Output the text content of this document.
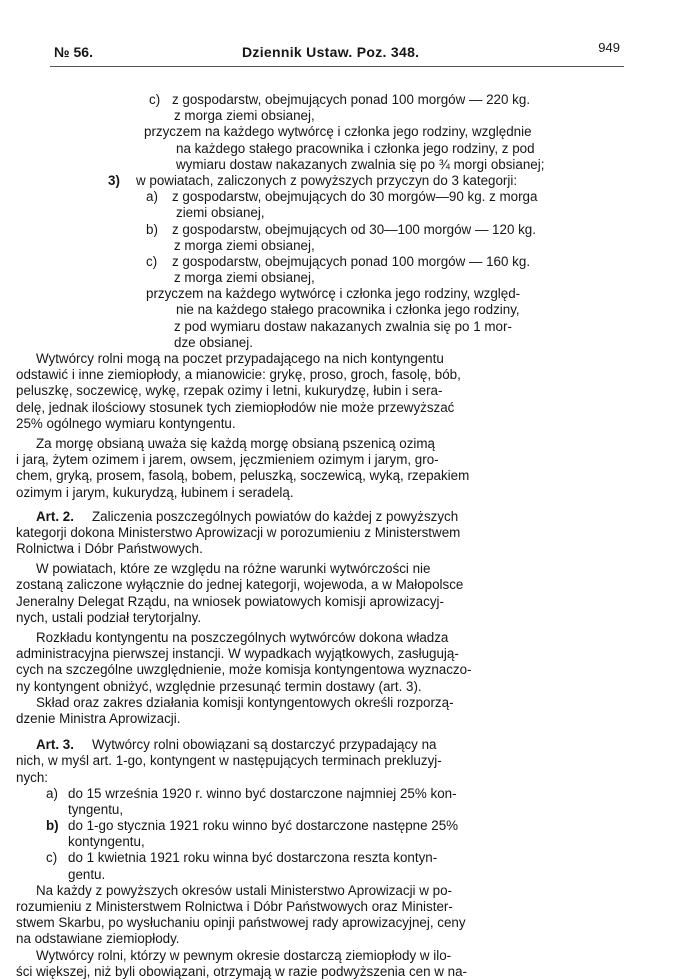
№ 56.	Dziennik Ustaw. Poz. 348.	949
c) z gospodarstw, obejmujących ponad 100 morgów — 220 kg.
z morga ziemi obsianej,
przyczem na każdego wytwórcę i członka jego rodziny, względnie
na każdego stałego pracownika i członka jego rodziny, z pod
wymiaru dostaw nakazanych zwalnia się po ¾ morgi obsianej;
3) w powiatach, zaliczonych z powyższych przyczyn do 3 kategorji:
a) z gospodarstw, obejmujących do 30 morgów—90 kg. z morga
ziemi obsianej,
b) z gospodarstw, obejmujących od 30—100 morgów — 120 kg.
z morga ziemi obsianej,
c) z gospodarstw, obejmujących ponad 100 morgów — 160 kg.
z morga ziemi obsianej,
przyczem na każdego wytwórcę i członka jego rodziny, względ-
nie na każdego stałego pracownika i członka jego rodziny,
z pod wymiaru dostaw nakazanych zwalnia się po 1 mor-
dze obsianej.
Wytwórcy rolni mogą na poczet przypadającego na nich kontyngentu
odstawić i inne ziemiopłody, a mianowicie: grykę, proso, groch, fasolę, bób,
peluszkę, soczewicę, wykę, rzepak ozimy i letni, kukurydzę, łubin i sera-
delę, jednak ilościowy stosunek tych ziemiopłodów nie może przewyższać
25% ogólnego wymiaru kontyngentu.
Za morgę obsianą uważa się każdą morgę obsianą pszenicą ozimą
i jarą, żytem ozimem i jarem, owsem, jęczmieniem ozimym i jarym, gro-
chem, gryką, prosem, fasolą, bobem, peluszką, soczewicą, wyką, rzepakiem
ozimym i jarym, kukurydzą, łubinem i seradelą.
Art. 2. Zaliczenia poszczególnych powiatów do każdej z powyższych
kategorji dokona Ministerstwo Aprowizacji w porozumieniu z Ministerstwem
Rolnictwa i Dóbr Państwowych.
W powiatach, które ze względu na różne warunki wytwórczości nie
zostaną zaliczone wyłącznie do jednej kategorji, wojewoda, a w Małopolsce
Jeneralny Delegat Rządu, na wniosek powiatowych komisji aprowizacyj-
nych, ustali podział terytorjalny.
Rozkładu kontyngentu na poszczególnych wytwórców dokona władza
administracyjna pierwszej instancji. W wypadkach wyjątkowych, zasługują-
cych na szczególne uwzględnienie, może komisja kontyngentowa wyznaczo-
ny kontyngent obniżyć, względnie przesunąć termin dostawy (art. 3).
Skład oraz zakres działania komisji kontyngentowych określi rozporzą-
dzenie Ministra Aprowizacji.
Art. 3. Wytwórcy rolni obowiązani są dostarczyć przypadający na
nich, w myśl art. 1-go, kontyngent w następujących terminach prekluzyj-
nych:
a) do 15 września 1920 r. winno być dostarczone najmniej 25% kon-
tyngentu,
b) do 1-go stycznia 1921 roku winno być dostarczone następne 25%
kontyngentu,
c) do 1 kwietnia 1921 roku winna być dostarczona reszta kontyn-
gentu.
Na każdy z powyższych okresów ustali Ministerstwo Aprowizacji w po-
rozumieniu z Ministerstwem Rolnictwa i Dóbr Państwowych oraz Minister-
stwem Skarbu, po wysłuchaniu opinji państwowej rady aprowizacyjnej, ceny
na odstawiane ziemiopłody.
Wytwórcy rolni, którzy w pewnym okresie dostarczą ziemiopłody w ilo-
ści większej, niż byli obowiązani, otrzymają w razie podwyższenia cen w na-
